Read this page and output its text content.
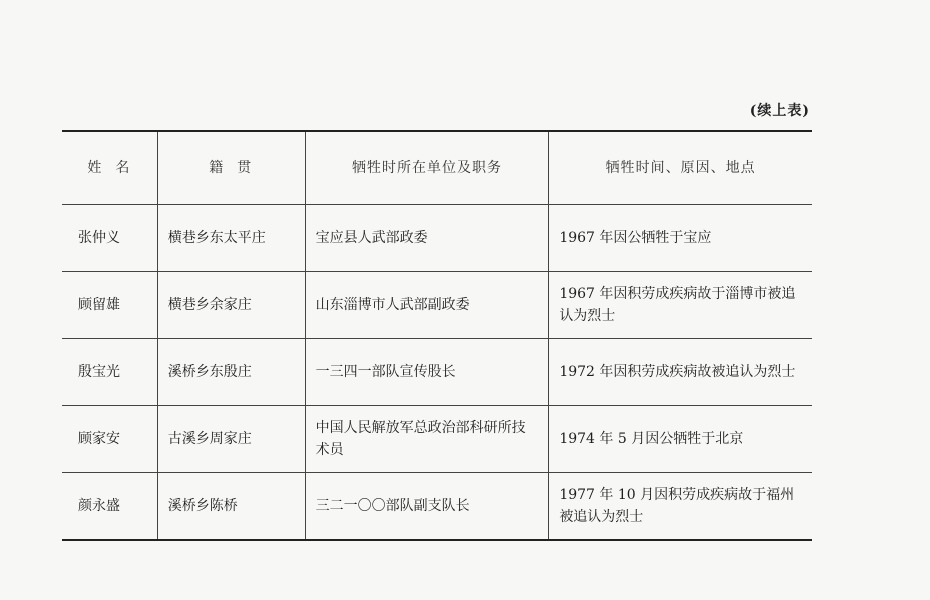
(续上表)
姓名	籍贯	牺牲时所在单位及职务	牺牲时间、原因、地点
张仲义	横巷乡东太平庄	宝应县人武部政委	1967 年因公牺牲于宝应
顾留雄	横巷乡余家庄	山东淄博市人武部副政委	1967 年因积劳成疾病故于淄博市被追认为烈士
殷宝光	溪桥乡东殷庄	一三四一部队宣传股长	1972 年因积劳成疾病故被追认为烈士
顾家安	古溪乡周家庄	中国人民解放军总政治部科研所技术员	1974 年 5 月因公牺牲于北京
颜永盛	溪桥乡陈桥	三二一〇〇部队副支队长	1977 年 10 月因积劳成疾病故于福州被追认为烈士
